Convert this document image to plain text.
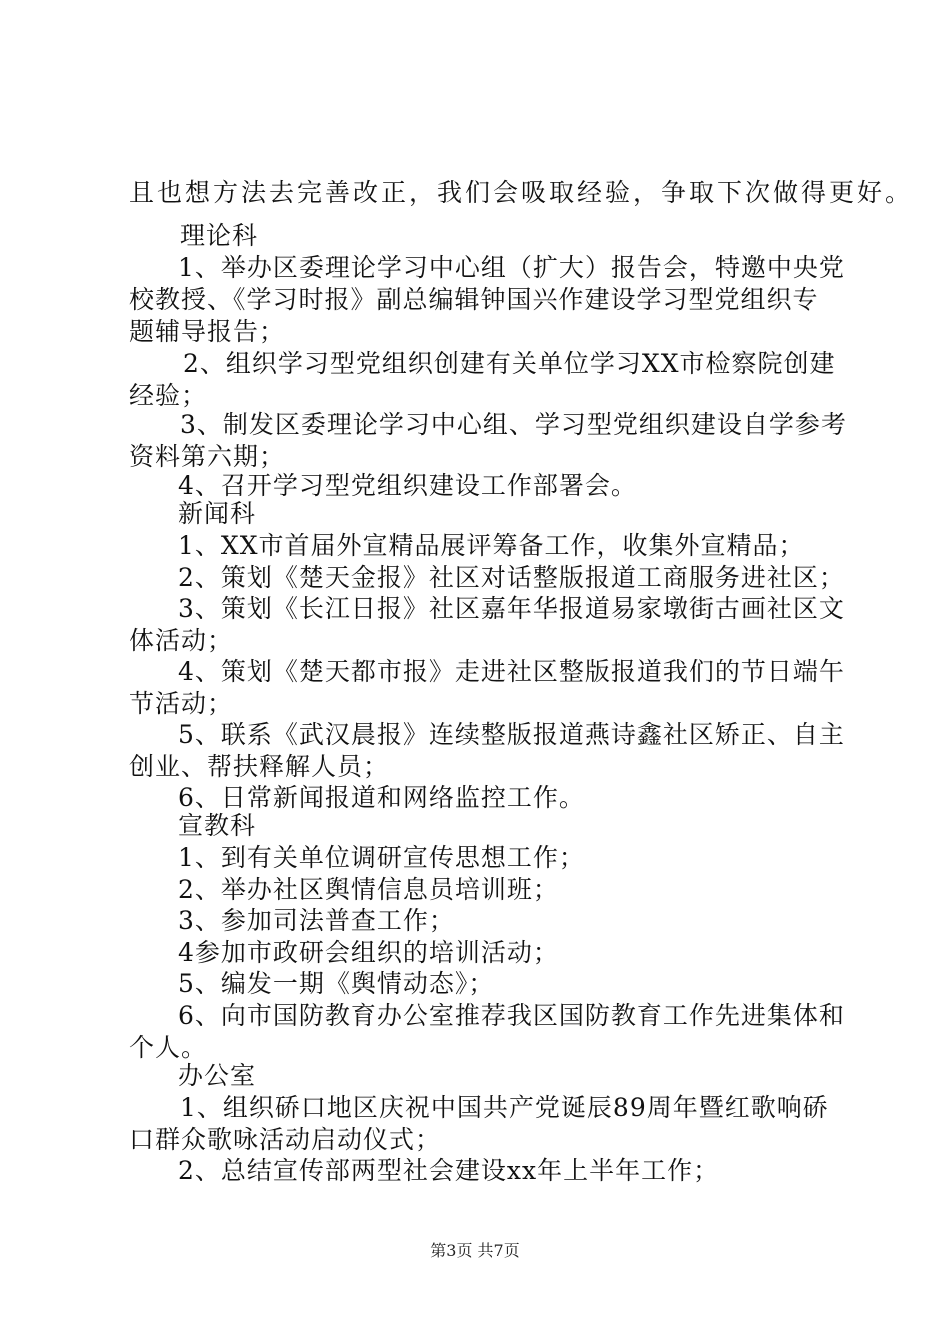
且也想方法去完善改正，我们会吸取经验，争取下次做得更好。
理论科
1、举办区委理论学习中心组（扩大）报告会，特邀中央党
校教授、《学习时报》副总编辑钟国兴作建设学习型党组织专
题辅导报告；
2、组织学习型党组织创建有关单位学习XX市检察院创建
经验；
3、制发区委理论学习中心组、学习型党组织建设自学参考
资料第六期；
4、召开学习型党组织建设工作部署会。
新闻科
1、XX市首届外宣精品展评筹备工作，收集外宣精品；
2、策划《楚天金报》社区对话整版报道工商服务进社区；
3、策划《长江日报》社区嘉年华报道易家墩街古画社区文
体活动；
4、策划《楚天都市报》走进社区整版报道我们的节日端午
节活动；
5、联系《武汉晨报》连续整版报道燕诗鑫社区矫正、自主
创业、帮扶释解人员；
6、日常新闻报道和网络监控工作。
宣教科
1、到有关单位调研宣传思想工作；
2、举办社区舆情信息员培训班；
3、参加司法普查工作；
4参加市政研会组织的培训活动；
5、编发一期《舆情动态》；
6、向市国防教育办公室推荐我区国防教育工作先进集体和
个人。
办公室
1、组织硚口地区庆祝中国共产党诞辰89周年暨红歌响硚
口群众歌咏活动启动仪式；
2、总结宣传部两型社会建设xx年上半年工作；
第3页 共7页
